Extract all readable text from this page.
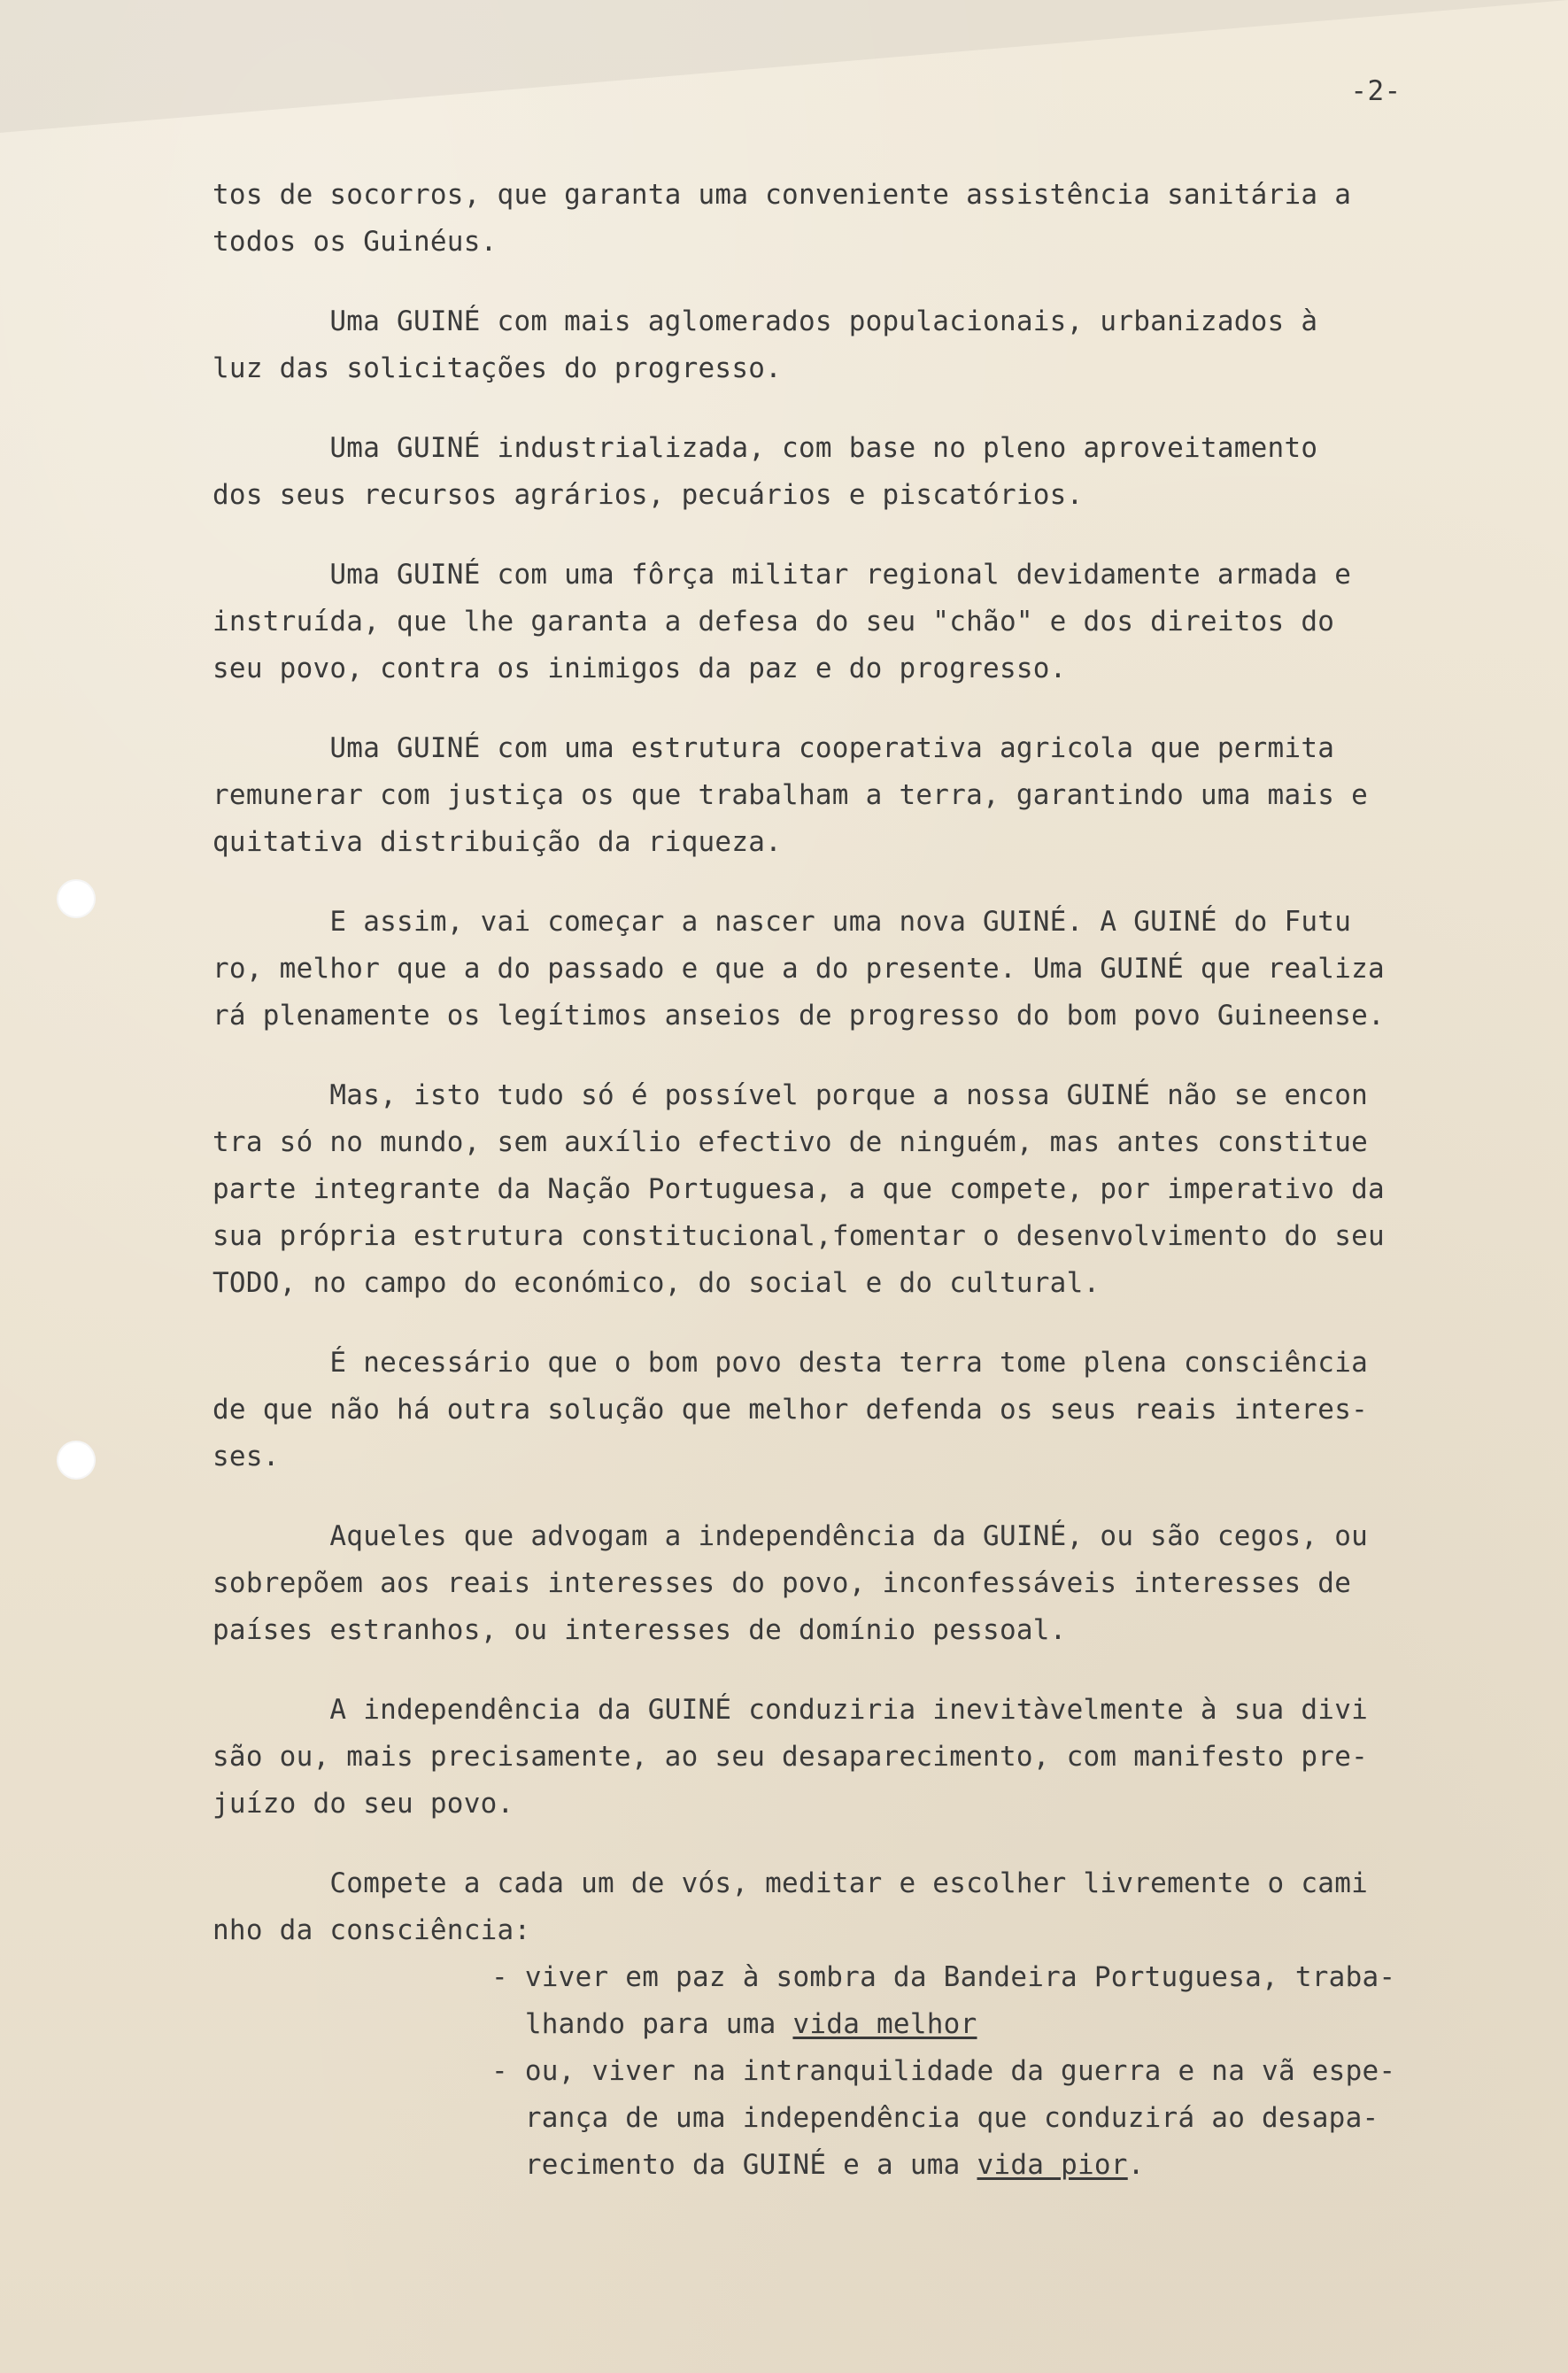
-2-

tos de socorros, que garanta uma conveniente assistência sanitária a
todos os Guinéus.

Uma GUINÉ com mais aglomerados populacionais, urbanizados à
luz das solicitações do progresso.

Uma GUINÉ industrializada, com base no pleno aproveitamento
dos seus recursos agrários, pecuários e piscatórios.

Uma GUINÉ com uma fôrça militar regional devidamente armada e
instruída, que lhe garanta a defesa do seu "chão" e dos direitos do
seu povo, contra os inimigos da paz e do progresso.

Uma GUINÉ com uma estrutura cooperativa agricola que permita
remunerar com justiça os que trabalham a terra, garantindo uma mais e
quitativa distribuição da riqueza.

E assim, vai começar a nascer uma nova GUINÉ. A GUINÉ do Futu
ro, melhor que a do passado e que a do presente. Uma GUINÉ que realiza
rá plenamente os legítimos anseios de progresso do bom povo Guineense.

Mas, isto tudo só é possível porque a nossa GUINÉ não se encon
tra só no mundo, sem auxílio efectivo de ninguém, mas antes constitue
parte integrante da Nação Portuguesa, a que compete, por imperativo da
sua própria estrutura constitucional,fomentar o desenvolvimento do seu
TODO, no campo do económico, do social e do cultural.

É necessário que o bom povo desta terra tome plena consciência
de que não há outra solução que melhor defenda os seus reais interes-
ses.

Aqueles que advogam a independência da GUINÉ, ou são cegos, ou
sobrepõem aos reais interesses do povo, inconfessáveis interesses de
países estranhos, ou interesses de domínio pessoal.

A independência da GUINÉ conduziria inevitàvelmente à sua divi
são ou, mais precisamente, ao seu desaparecimento, com manifesto pre-
juízo do seu povo.

Compete a cada um de vós, meditar e escolher livremente o cami
nho da consciência:

- viver em paz à sombra da Bandeira Portuguesa, traba-
lhando para uma vida melhor

- ou, viver na intranquilidade da guerra e na vã espe-
rança de uma independência que conduzirá ao desapa-
recimento da GUINÉ e a uma vida pior.
